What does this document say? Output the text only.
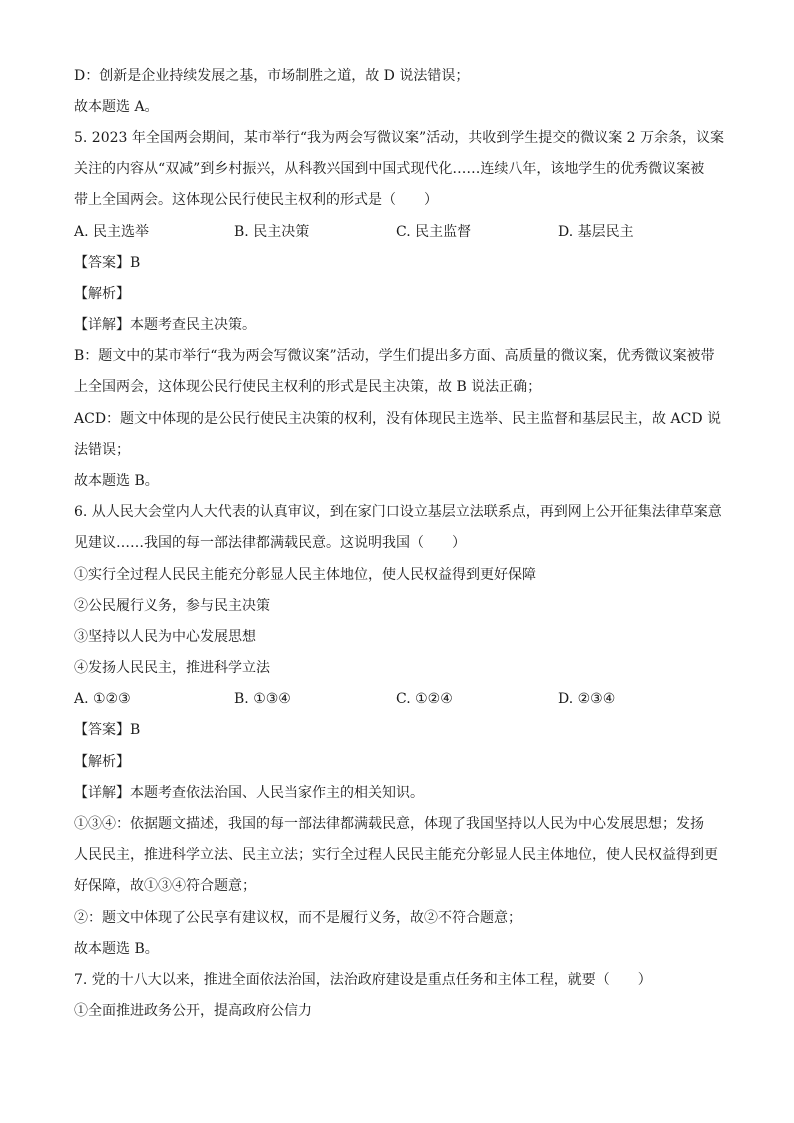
D：创新是企业持续发展之基，市场制胜之道，故 D 说法错误；
故本题选 A。
5. 2023 年全国两会期间，某市举行“我为两会写微议案”活动，共收到学生提交的微议案 2 万余条，议案
关注的内容从“双减”到乡村振兴，从科教兴国到中国式现代化……连续八年，该地学生的优秀微议案被
带上全国两会。这体现公民行使民主权利的形式是（　　）
A. 民主选举	B. 民主决策	C. 民主监督	D. 基层民主
【答案】B
【解析】
【详解】本题考查民主决策。
B：题文中的某市举行“我为两会写微议案”活动，学生们提出多方面、高质量的微议案，优秀微议案被带
上全国两会，这体现公民行使民主权利的形式是民主决策，故 B 说法正确；
ACD：题文中体现的是公民行使民主决策的权利，没有体现民主选举、民主监督和基层民主，故 ACD 说
法错误；
故本题选 B。
6. 从人民大会堂内人大代表的认真审议，到在家门口设立基层立法联系点，再到网上公开征集法律草案意
见建议……我国的每一部法律都满载民意。这说明我国（　　）
①实行全过程人民民主能充分彰显人民主体地位，使人民权益得到更好保障
②公民履行义务，参与民主决策
③坚持以人民为中心发展思想
④发扬人民民主，推进科学立法
A. ①②③	B. ①③④	C. ①②④	D. ②③④
【答案】B
【解析】
【详解】本题考查依法治国、人民当家作主的相关知识。
①③④：依据题文描述，我国的每一部法律都满载民意，体现了我国坚持以人民为中心发展思想；发扬
人民民主，推进科学立法、民主立法；实行全过程人民民主能充分彰显人民主体地位，使人民权益得到更
好保障，故①③④符合题意；
②：题文中体现了公民享有建议权，而不是履行义务，故②不符合题意；
故本题选 B。
7. 党的十八大以来，推进全面依法治国，法治政府建设是重点任务和主体工程，就要（　　）
①全面推进政务公开，提高政府公信力
